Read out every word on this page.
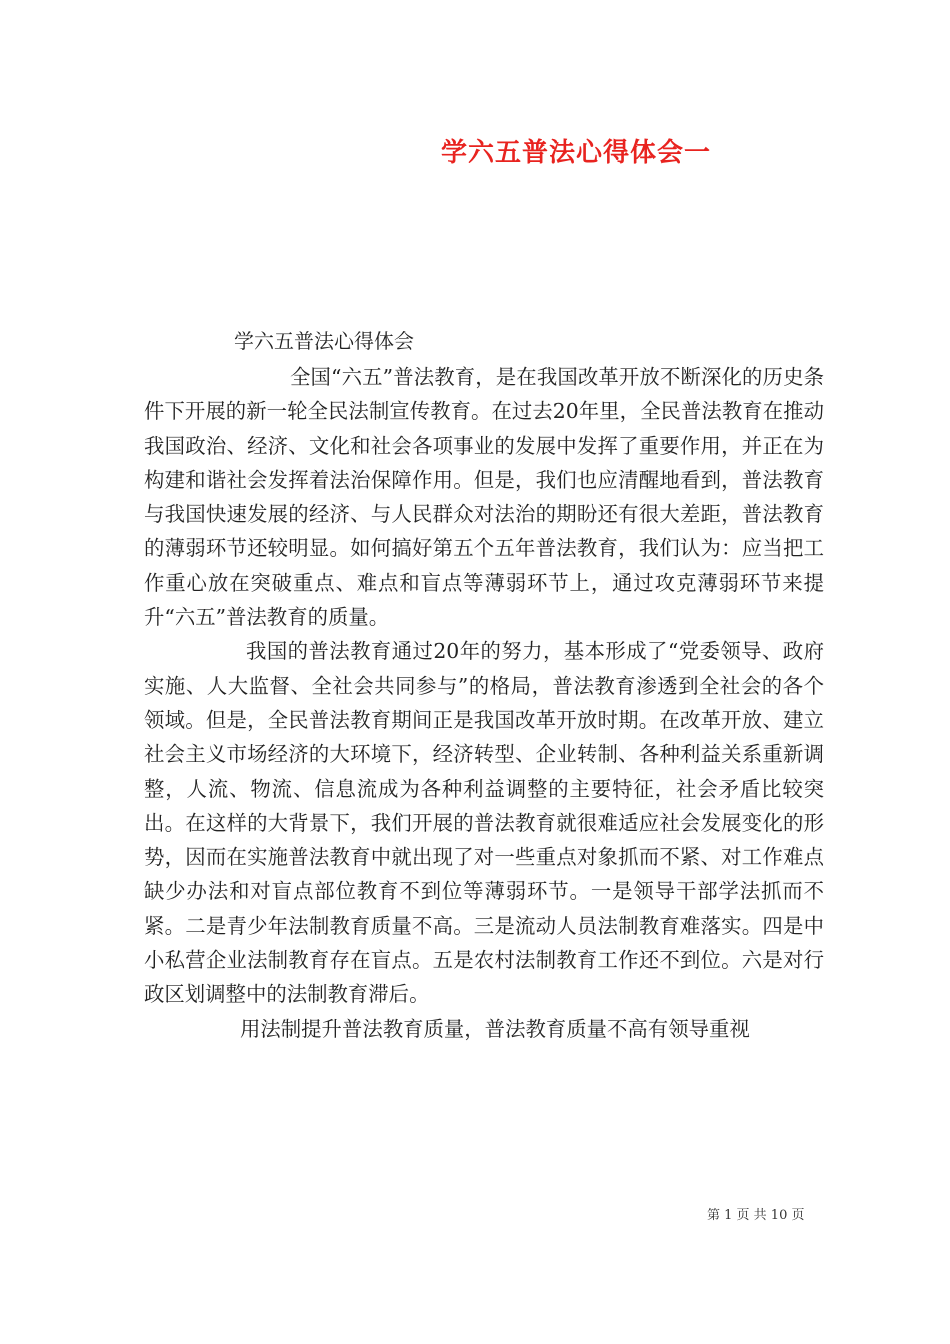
学六五普法心得体会一
学六五普法心得体会

全国“六五”普法教育，是在我国改革开放不断深化的历史条件下开展的新一轮全民法制宣传教育。在过去20年里，全民普法教育在推动我国政治、经济、文化和社会各项事业的发展中发挥了重要作用，并正在为构建和谐社会发挥着法治保障作用。但是，我们也应清醒地看到，普法教育与我国快速发展的经济、与人民群众对法治的期盼还有很大差距，普法教育的薄弱环节还较明显。如何搞好第五个五年普法教育，我们认为：应当把工作重心放在突破重点、难点和盲点等薄弱环节上，通过攻克薄弱环节来提升“六五”普法教育的质量。

我国的普法教育通过20年的努力，基本形成了“党委领导、政府实施、人大监督、全社会共同参与”的格局，普法教育渗透到全社会的各个领域。但是，全民普法教育期间正是我国改革开放时期。在改革开放、建立社会主义市场经济的大环境下，经济转型、企业转制、各种利益关系重新调整，人流、物流、信息流成为各种利益调整的主要特征，社会矛盾比较突出。在这样的大背景下，我们开展的普法教育就很难适应社会发展变化的形势，因而在实施普法教育中就出现了对一些重点对象抓而不紧、对工作难点缺少办法和对盲点部位教育不到位等薄弱环节。一是领导干部学法抓而不紧。二是青少年法制教育质量不高。三是流动人员法制教育难落实。四是中小私营企业法制教育存在盲点。五是农村法制教育工作还不到位。六是对行政区划调整中的法制教育滞后。

用法制提升普法教育质量，普法教育质量不高有领导重视

第 1 页 共 10 页
